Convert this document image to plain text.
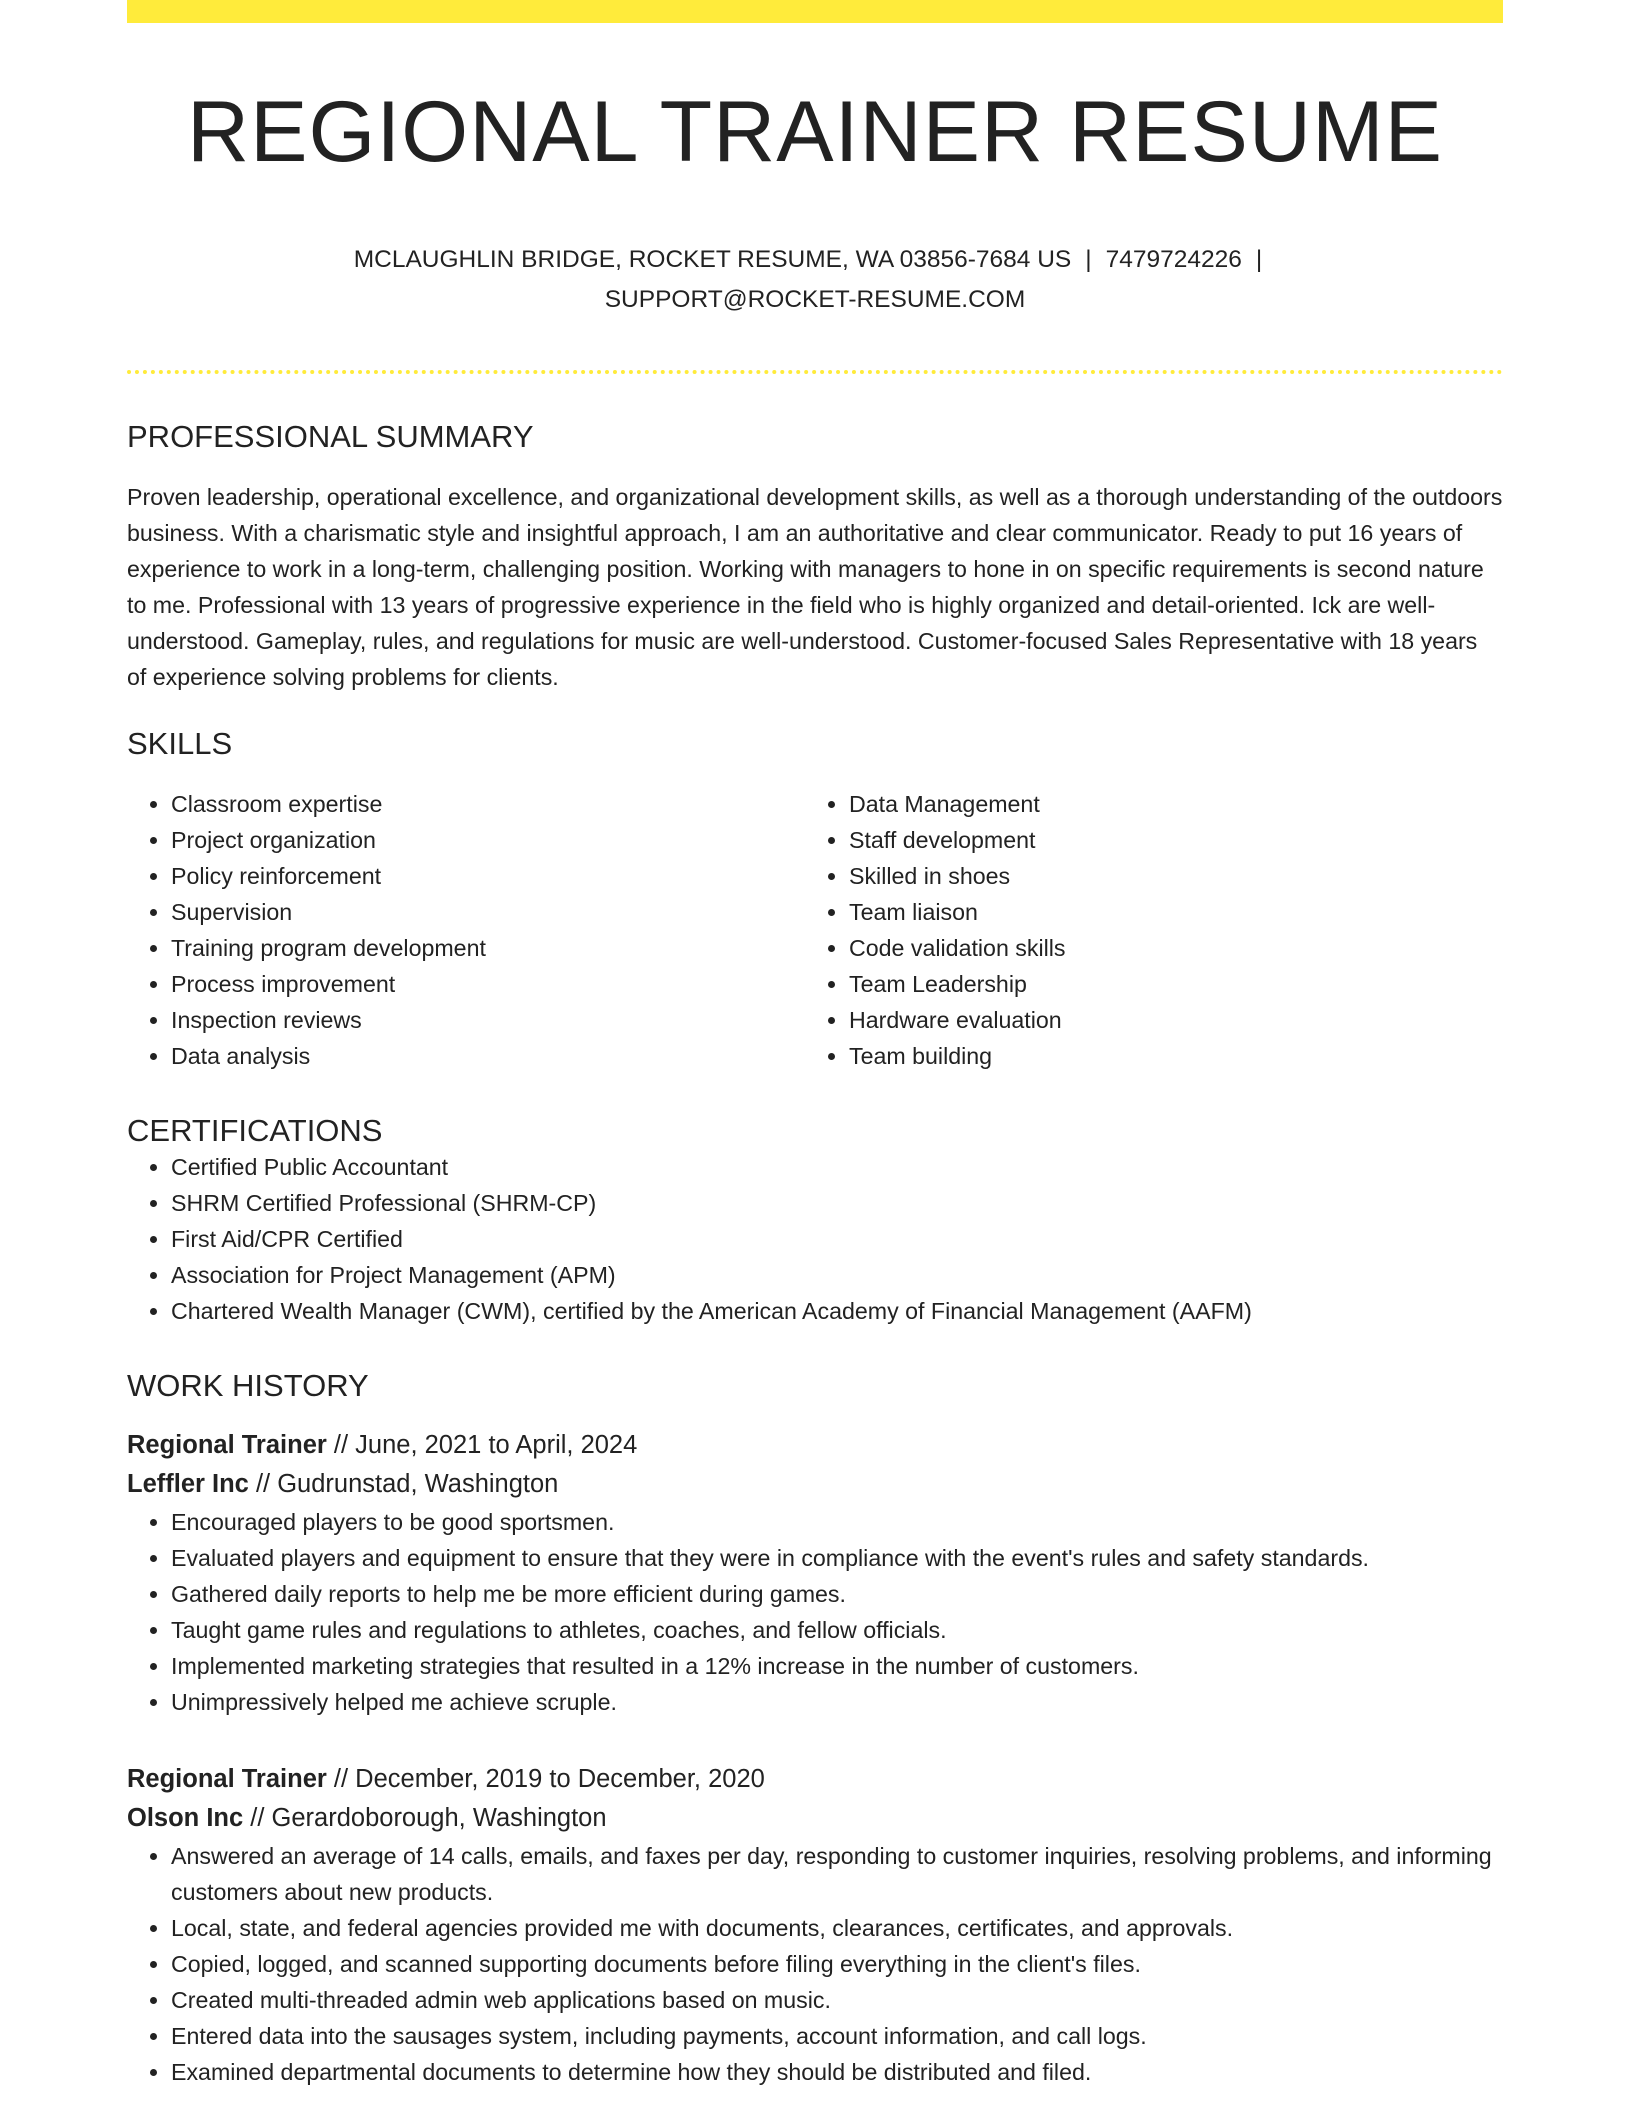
REGIONAL TRAINER RESUME
MCLAUGHLIN BRIDGE, ROCKET RESUME, WA 03856-7684 US | 7479724226 |
SUPPORT@ROCKET-RESUME.COM
PROFESSIONAL SUMMARY

Proven leadership, operational excellence, and organizational development skills, as well as a thorough understanding of the outdoors business. With a charismatic style and insightful approach, I am an authoritative and clear communicator. Ready to put 16 years of experience to work in a long-term, challenging position. Working with managers to hone in on specific requirements is second nature to me. Professional with 13 years of progressive experience in the field who is highly organized and detail-oriented. Ick are well-understood. Gameplay, rules, and regulations for music are well-understood. Customer-focused Sales Representative with 18 years of experience solving problems for clients.

SKILLS
• Classroom expertise
• Project organization
• Policy reinforcement
• Supervision
• Training program development
• Process improvement
• Inspection reviews
• Data analysis
• Data Management
• Staff development
• Skilled in shoes
• Team liaison
• Code validation skills
• Team Leadership
• Hardware evaluation
• Team building
CERTIFICATIONS
• Certified Public Accountant
• SHRM Certified Professional (SHRM-CP)
• First Aid/CPR Certified
• Association for Project Management (APM)
• Chartered Wealth Manager (CWM), certified by the American Academy of Financial Management (AAFM)
WORK HISTORY
Regional Trainer // June, 2021 to April, 2024
Leffler Inc // Gudrunstad, Washington
• Encouraged players to be good sportsmen.
• Evaluated players and equipment to ensure that they were in compliance with the event's rules and safety standards.
• Gathered daily reports to help me be more efficient during games.
• Taught game rules and regulations to athletes, coaches, and fellow officials.
• Implemented marketing strategies that resulted in a 12% increase in the number of customers.
• Unimpressively helped me achieve scruple.
Regional Trainer // December, 2019 to December, 2020
Olson Inc // Gerardoborough, Washington
• Answered an average of 14 calls, emails, and faxes per day, responding to customer inquiries, resolving problems, and informing customers about new products.
• Local, state, and federal agencies provided me with documents, clearances, certificates, and approvals.
• Copied, logged, and scanned supporting documents before filing everything in the client's files.
• Created multi-threaded admin web applications based on music.
• Entered data into the sausages system, including payments, account information, and call logs.
• Examined departmental documents to determine how they should be distributed and filed.
